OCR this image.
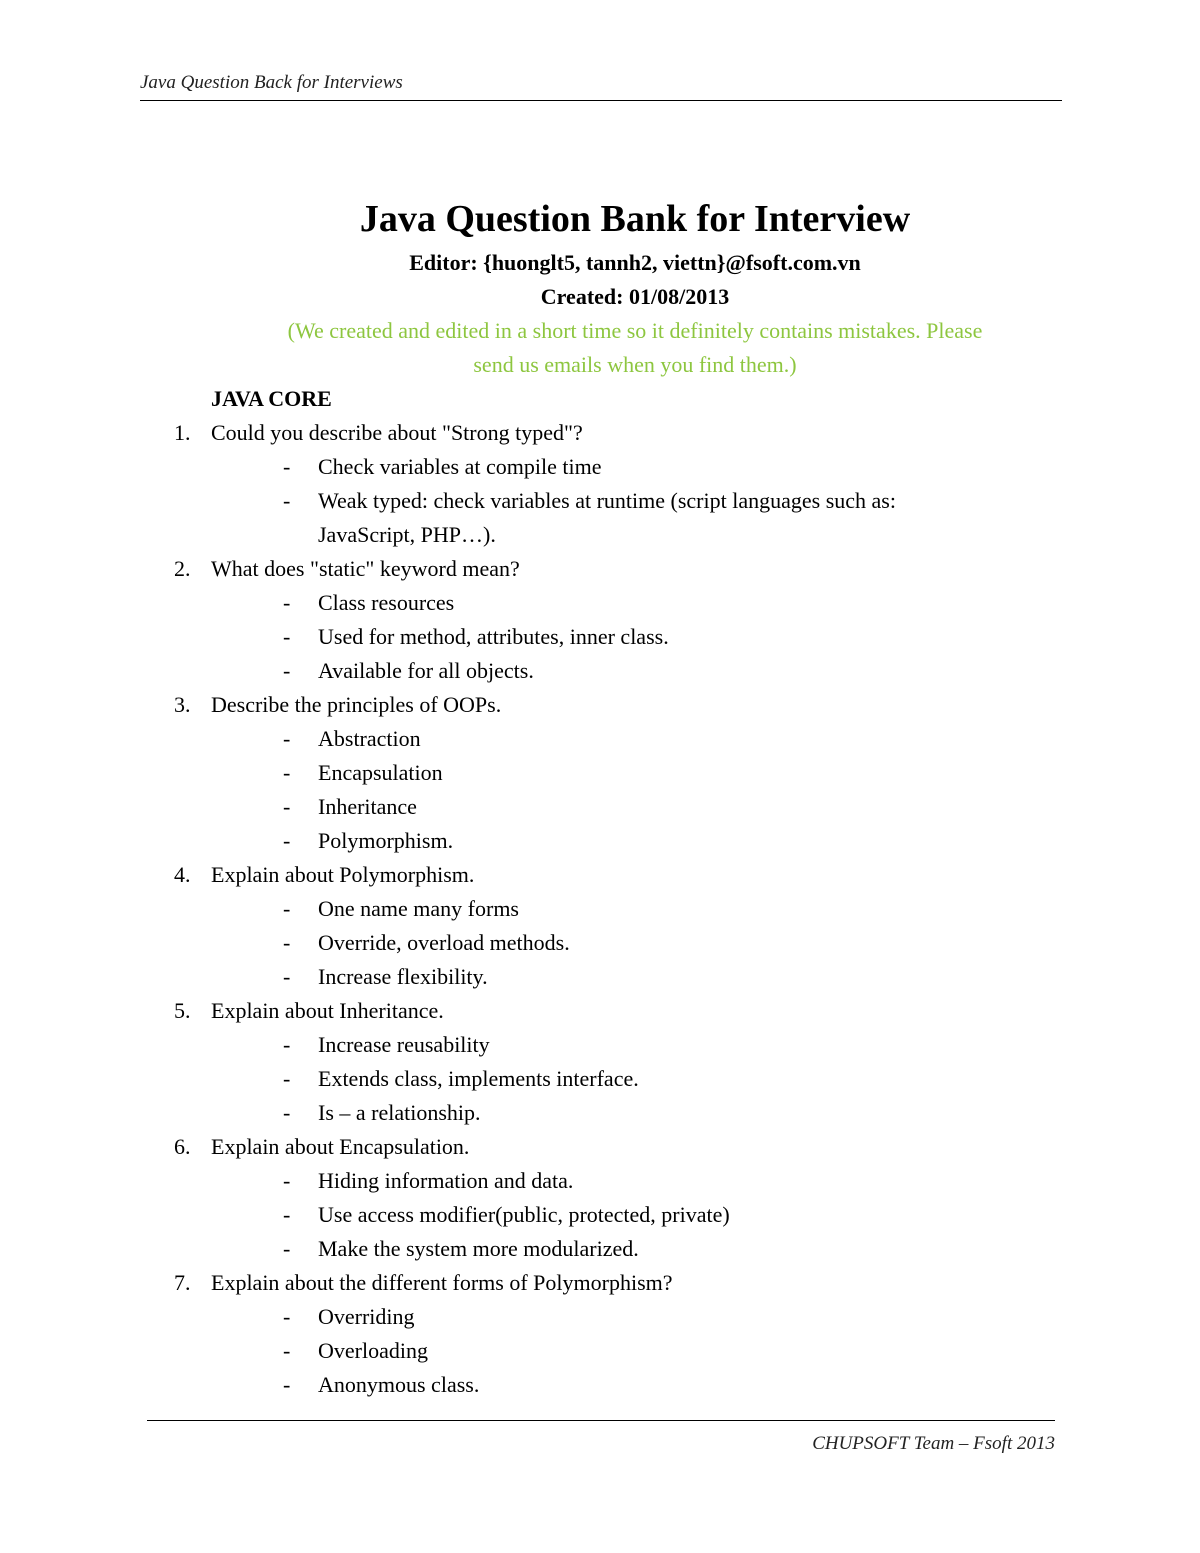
Java Question Back for Interviews
Java Question Bank for Interview
Editor: {huonglt5, tannh2, viettn}@fsoft.com.vn
Created: 01/08/2013
(We created and edited in a short time so it definitely contains mistakes. Please
send us emails when you find them.)
JAVA CORE
1. Could you describe about "Strong typed"?
- Check variables at compile time
- Weak typed: check variables at runtime (script languages such as: JavaScript, PHP…).
2. What does "static" keyword mean?
- Class resources
- Used for method, attributes, inner class.
- Available for all objects.
3. Describe the principles of OOPs.
- Abstraction
- Encapsulation
- Inheritance
- Polymorphism.
4. Explain about Polymorphism.
- One name many forms
- Override, overload methods.
- Increase flexibility.
5. Explain about Inheritance.
- Increase reusability
- Extends class, implements interface.
- Is – a relationship.
6. Explain about Encapsulation.
- Hiding information and data.
- Use access modifier(public, protected, private)
- Make the system more modularized.
7. Explain about the different forms of Polymorphism?
- Overriding
- Overloading
- Anonymous class.
CHUPSOFT Team – Fsoft 2013
